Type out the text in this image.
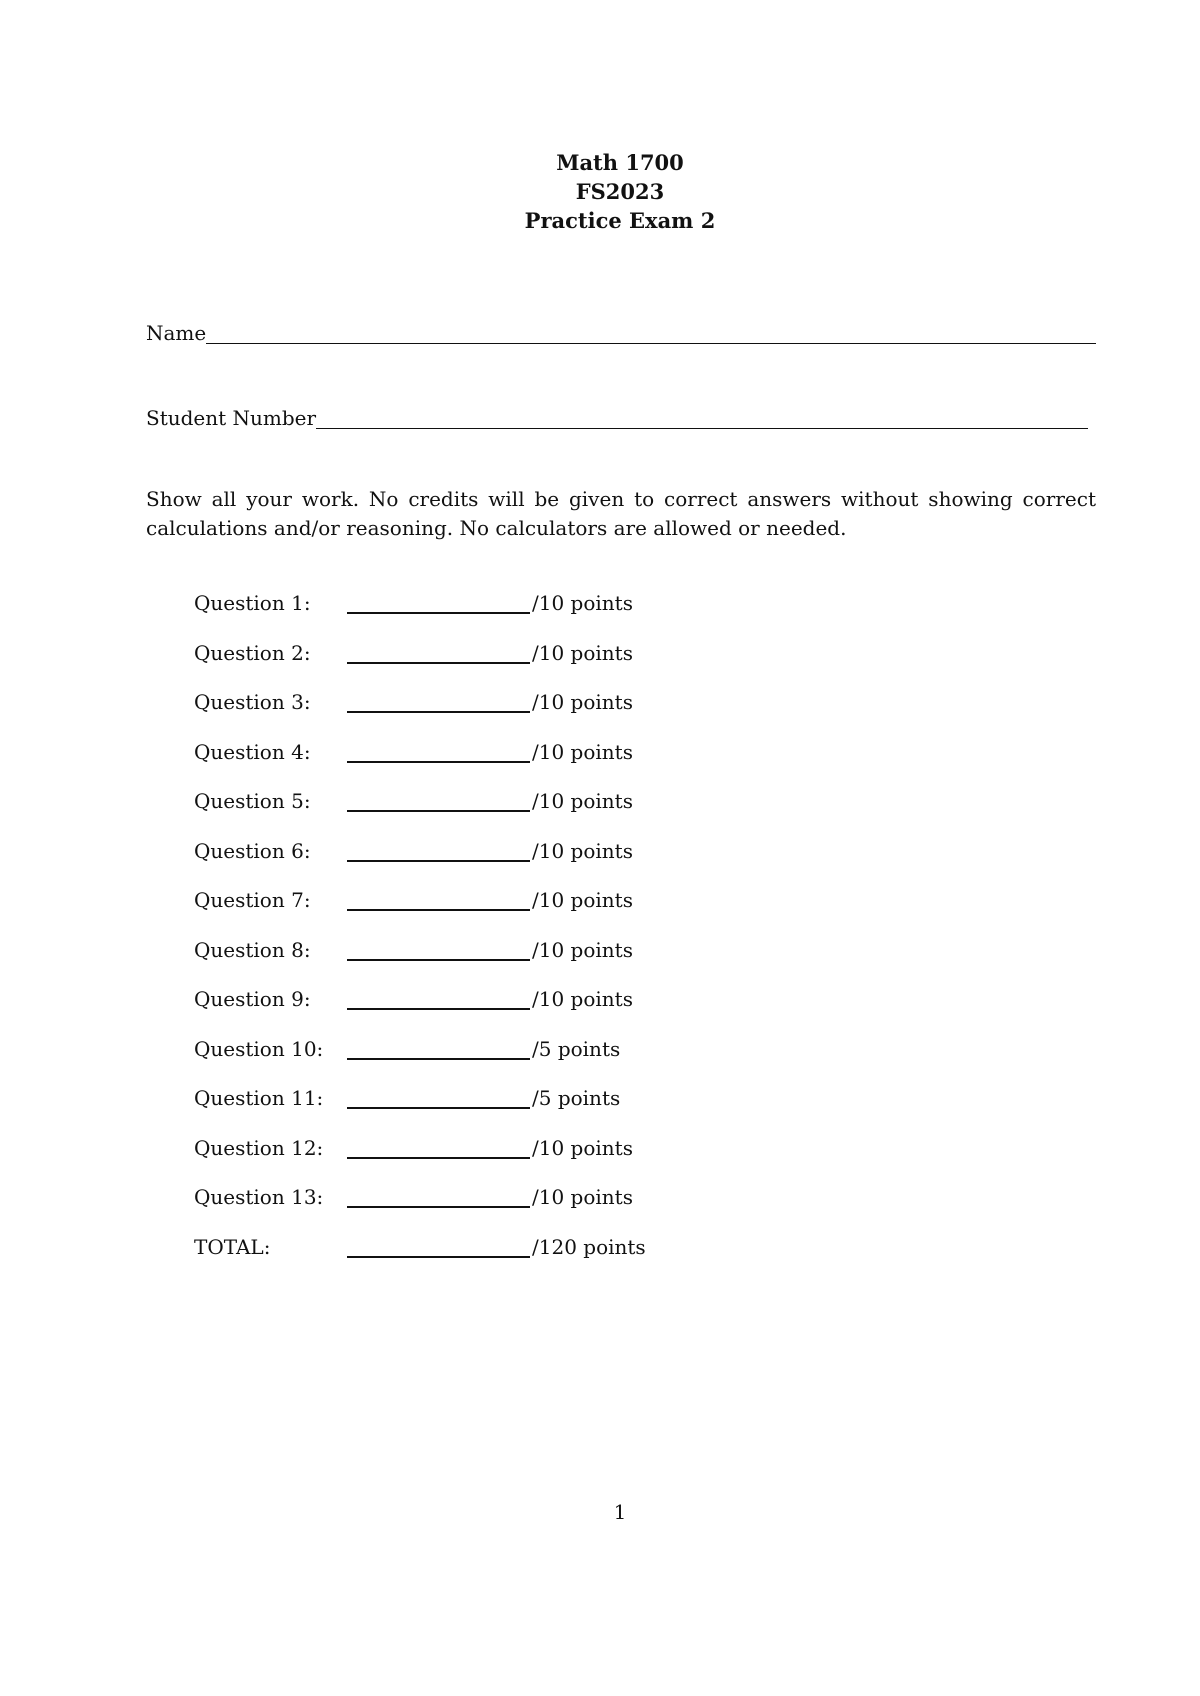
Math 1700
FS2023
Practice Exam 2
Name
Student Number
Show all your work. No credits will be given to correct answers without showing correct calculations and/or reasoning. No calculators are allowed or needed.
Question 1:	/10 points
Question 2:	/10 points
Question 3:	/10 points
Question 4:	/10 points
Question 5:	/10 points
Question 6:	/10 points
Question 7:	/10 points
Question 8:	/10 points
Question 9:	/10 points
Question 10:	/5 points
Question 11:	/5 points
Question 12:	/10 points
Question 13:	/10 points
TOTAL:	/120 points
1
